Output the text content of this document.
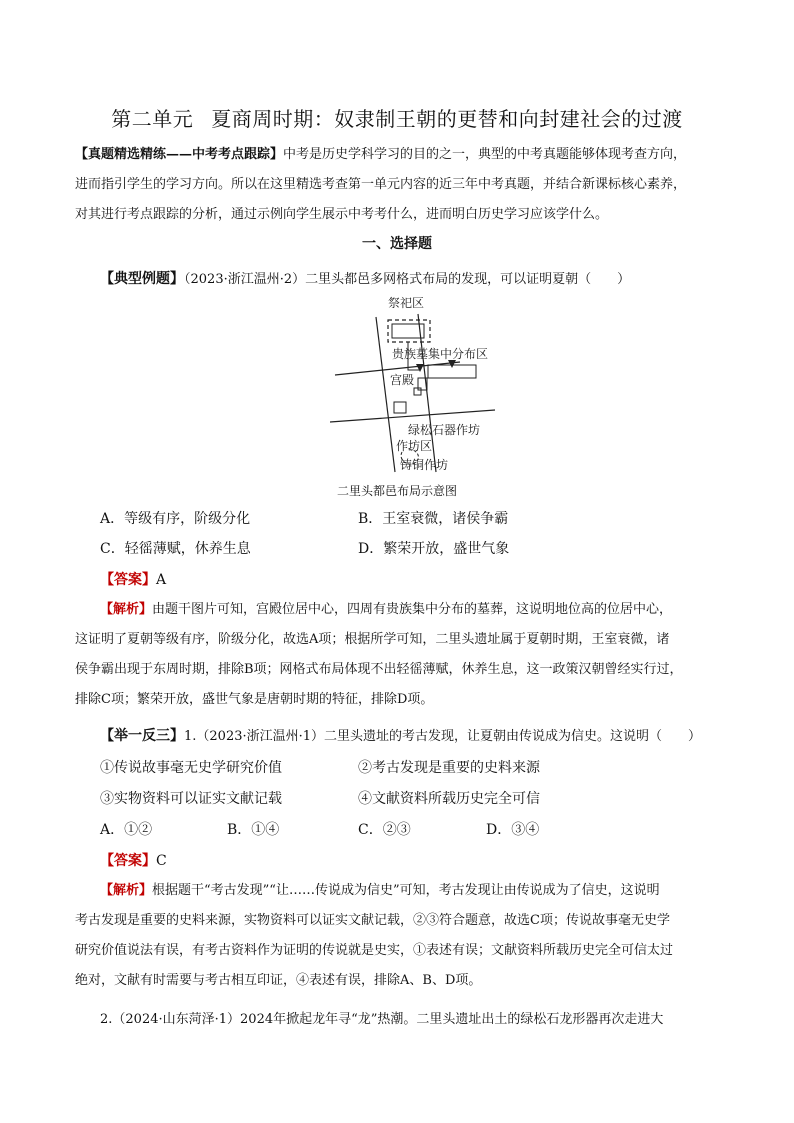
第二单元 夏商周时期：奴隶制王朝的更替和向封建社会的过渡
【真题精选精练——中考考点跟踪】中考是历史学科学习的目的之一，典型的中考真题能够体现考查方向，
进而指引学生的学习方向。所以在这里精选考查第一单元内容的近三年中考真题，并结合新课标核心素养，
对其进行考点跟踪的分析，通过示例向学生展示中考考什么，进而明白历史学习应该学什么。
一、选择题
【典型例题】（2023·浙江温州·2）二里头都邑多网格式布局的发现，可以证明夏朝（　　）
祭祀区
贵族墓集中分布区
宫殿
绿松石器作坊
作坊区
铸铜作坊
二里头都邑布局示意图
A．等级有序，阶级分化	B．王室衰微，诸侯争霸
C．轻徭薄赋，休养生息	D．繁荣开放，盛世气象
【答案】A
【解析】由题干图片可知，宫殿位居中心，四周有贵族集中分布的墓葬，这说明地位高的位居中心，
这证明了夏朝等级有序，阶级分化，故选A项；根据所学可知，二里头遗址属于夏朝时期，王室衰微，诸
侯争霸出现于东周时期，排除B项；网格式布局体现不出轻徭薄赋，休养生息，这一政策汉朝曾经实行过，
排除C项；繁荣开放，盛世气象是唐朝时期的特征，排除D项。
【举一反三】1.（2023·浙江温州·1）二里头遗址的考古发现，让夏朝由传说成为信史。这说明（　　）
①传说故事毫无史学研究价值	②考古发现是重要的史料来源
③实物资料可以证实文献记载	④文献资料所载历史完全可信
A．①②	B．①④	C．②③	D．③④
【答案】C
【解析】根据题干“考古发现”“让……传说成为信史”可知，考古发现让由传说成为了信史，这说明
考古发现是重要的史料来源，实物资料可以证实文献记载，②③符合题意，故选C项；传说故事毫无史学
研究价值说法有误，有考古资料作为证明的传说就是史实，①表述有误；文献资料所载历史完全可信太过
绝对，文献有时需要与考古相互印证，④表述有误，排除A、B、D项。
2.（2024·山东菏泽·1）2024年掀起龙年寻“龙”热潮。二里头遗址出土的绿松石龙形器再次走进大
